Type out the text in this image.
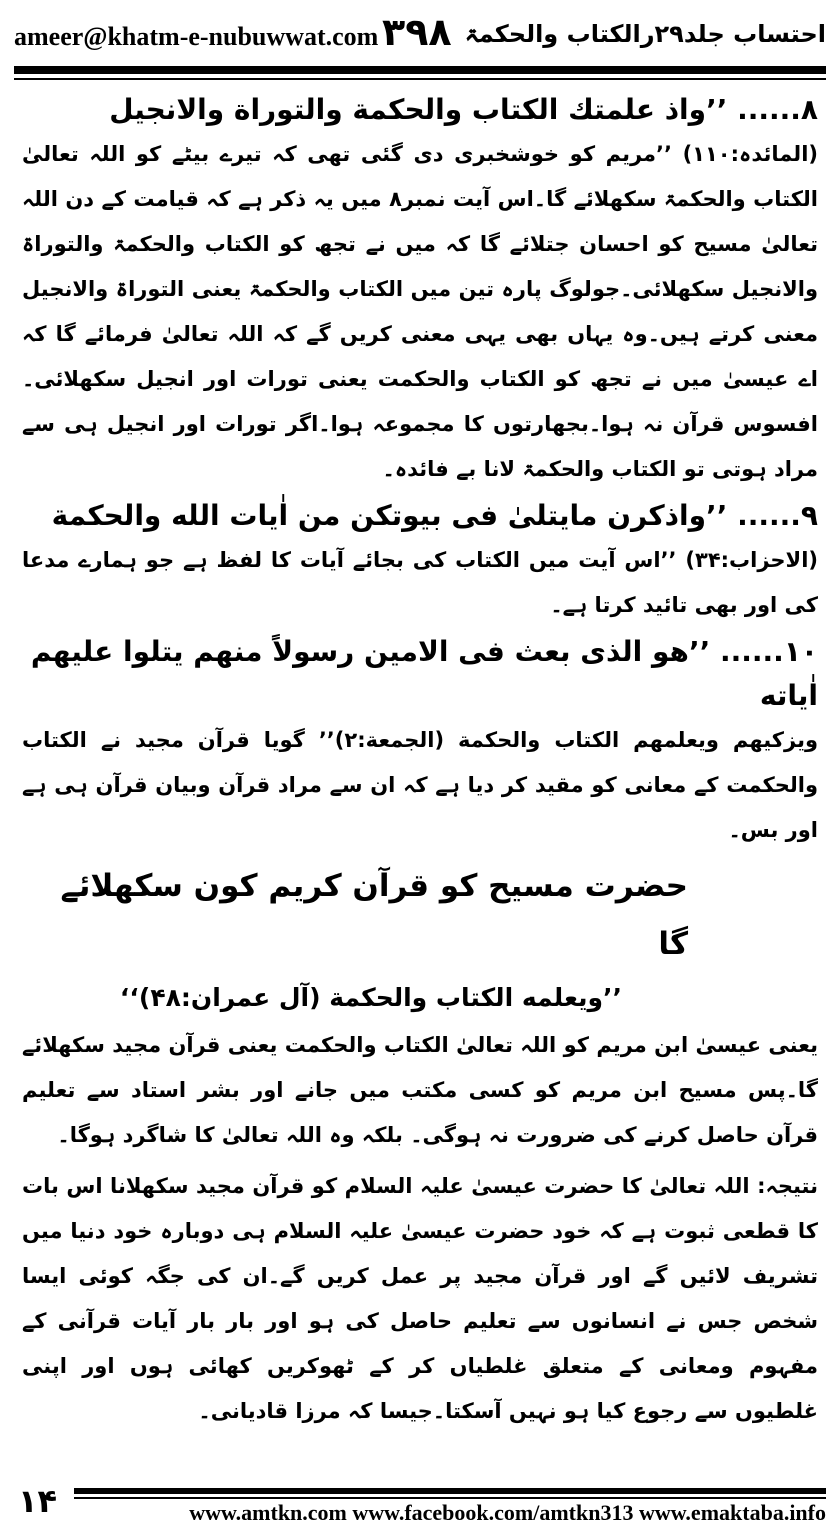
ameer@khatm-e-nubuwwat.com ۳۹۸ احتساب جلد۲۹رالکتاب والحکمۃ

۸...... ’’واذ علمتك الكتاب والحكمة والتوراة والانجيل

(المائدہ:۱۱۰) ’’مریم کو خوشخبری دی گئی تھی کہ تیرے بیٹے کو اللہ تعالیٰ الکتاب والحکمۃ سکھلائے گا۔اس آیت نمبر۸ میں یہ ذکر ہے کہ قیامت کے دن اللہ تعالیٰ مسیح کو احسان جتلائے گا کہ میں نے تجھ کو الکتاب والحکمۃ والتوراۃ والانجیل سکھلائی۔جولوگ پارہ تین میں الکتاب والحکمۃ یعنی التوراۃ والانجیل معنی کرتے ہیں۔وہ یہاں بھی یہی معنی کریں گے کہ اللہ تعالیٰ فرمائے گا کہ اے عیسیٰ میں نے تجھ کو الکتاب والحکمت یعنی تورات اور انجیل سکھلائی۔افسوس قرآن نہ ہوا۔بجھارتوں کا مجموعہ ہوا۔اگر تورات اور انجیل ہی سے مراد ہوتی تو الکتاب والحکمۃ لانا بے فائدہ۔

۹...... ’’واذكرن مايتلىٰ فى بيوتكن من اٰيات الله والحكمة

(الاحزاب:۳۴) ’’اس آیت میں الکتاب کی بجائے آیات کا لفظ ہے جو ہمارے مدعا کی اور بھی تائید کرتا ہے۔

۱۰...... ’’هو الذى بعث فى الامين رسولاً منهم يتلوا عليهم اٰياته

ويزكيهم ويعلمهم الكتاب والحكمة (الجمعة:۲)’’ گویا قرآن مجید نے الکتاب والحکمت کے معانی کو مقید کر دیا ہے کہ ان سے مراد قرآن وبیان قرآن ہی ہے اور بس۔

حضرت مسیح کو قرآن کریم کون سکھلائے گا

’’ويعلمه الكتاب والحكمة (آل عمران:۴۸)‘‘

یعنی عیسیٰ ابن مریم کو اللہ تعالیٰ الکتاب والحکمت یعنی قرآن مجید سکھلائے گا۔پس مسیح ابن مریم کو کسی مکتب میں جانے اور بشر استاد سے تعلیم قرآن حاصل کرنے کی ضرورت نہ ہوگی۔ بلکہ وہ اللہ تعالیٰ کا شاگرد ہوگا۔

نتیجہ: اللہ تعالیٰ کا حضرت عیسیٰ علیہ السلام کو قرآن مجید سکھلانا اس بات کا قطعی ثبوت ہے کہ خود حضرت عیسیٰ علیہ السلام ہی دوبارہ خود دنیا میں تشریف لائیں گے اور قرآن مجید پر عمل کریں گے۔ان کی جگہ کوئی ایسا شخص جس نے انسانوں سے تعلیم حاصل کی ہو اور بار بار آیات قرآنی کے مفہوم ومعانی کے متعلق غلطیاں کر کے ٹھوکریں کھائی ہوں اور اپنی غلطیوں سے رجوع کیا ہو نہیں آسکتا۔جیسا کہ مرزا قادیانی۔

۱۴	www.amtkn.com www.facebook.com/amtkn313 www.emaktaba.info
